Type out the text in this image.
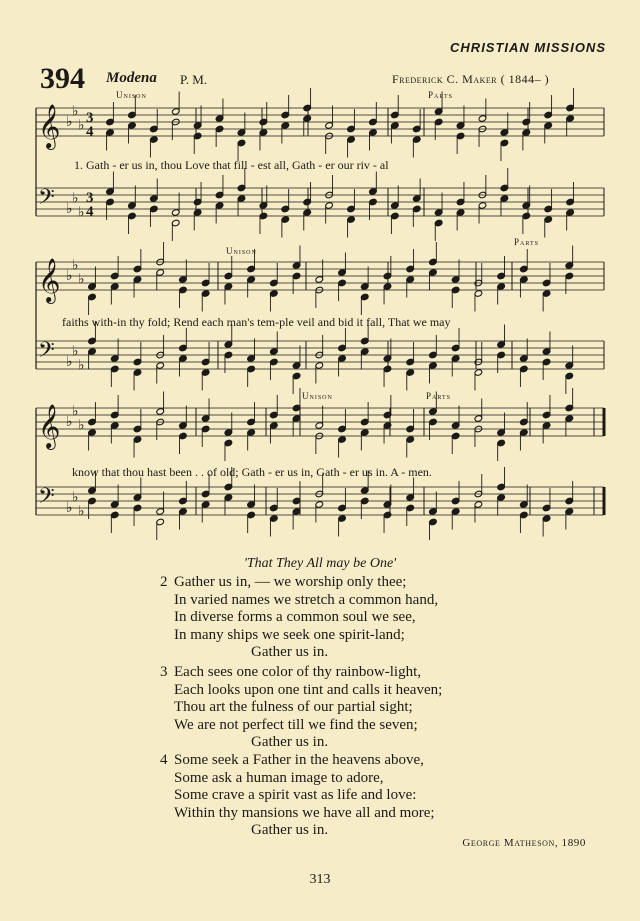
CHRISTIAN MISSIONS
394 Modena P. M.	Frederick C. Maker ( 1844– )
𝄞 ♭
♭
♭ 3
4
𝄢 ♭
♭
♭
3
4
𝄞 ♭
♭
♭
𝄢 ♭
♭
♭
𝄞 ♭
♭
♭
𝄢 ♭
♭
♭
Unison	Parts
Unison
Parts
Unison	Parts
1. Gath - er us in, thou Love that fill - est all, Gath - er our riv - al
faiths with-in thy fold; Rend each man's tem-ple veil and bid it fall, That we may
know that thou hast been . . of old; Gath - er us in, Gath - er us in. A - men.
'That They All may be One'
2 Gather us in, — we worship only thee;
In varied names we stretch a common hand,
In diverse forms a common soul we see,
In many ships we seek one spirit-land;
Gather us in.
3 Each sees one color of thy rainbow-light,
Each looks upon one tint and calls it heaven;
Thou art the fulness of our partial sight;
We are not perfect till we find the seven;
Gather us in.
4 Some seek a Father in the heavens above,
Some ask a human image to adore,
Some crave a spirit vast as life and love:
Within thy mansions we have all and more;
Gather us in.
George Matheson, 1890
313
